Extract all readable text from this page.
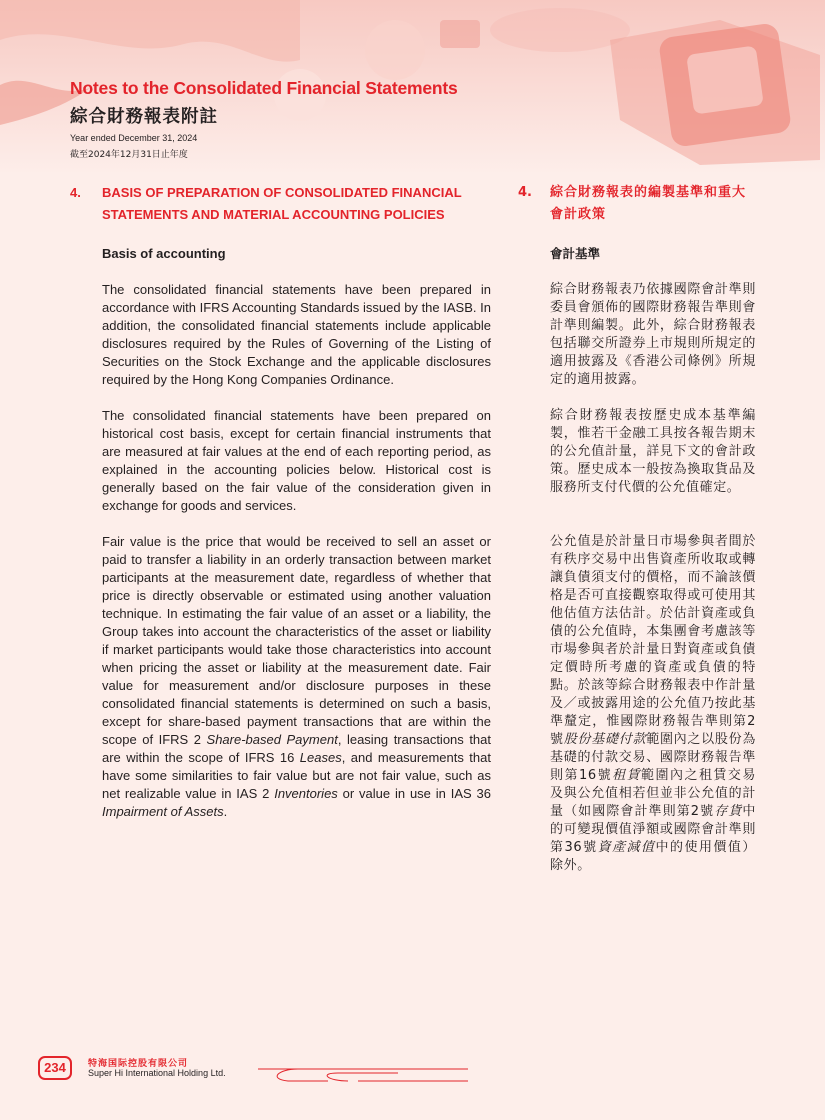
Notes to the Consolidated Financial Statements
綜合財務報表附註
Year ended December 31, 2024
截至2024年12月31日止年度
4.	BASIS OF PREPARATION OF CONSOLIDATED FINANCIAL STATEMENTS AND MATERIAL ACCOUNTING POLICIES
Basis of accounting
The consolidated financial statements have been prepared in accordance with IFRS Accounting Standards issued by the IASB. In addition, the consolidated financial statements include applicable disclosures required by the Rules of Governing of the Listing of Securities on the Stock Exchange and the applicable disclosures required by the Hong Kong Companies Ordinance.
The consolidated financial statements have been prepared on historical cost basis, except for certain financial instruments that are measured at fair values at the end of each reporting period, as explained in the accounting policies below. Historical cost is generally based on the fair value of the consideration given in exchange for goods and services.
Fair value is the price that would be received to sell an asset or paid to transfer a liability in an orderly transaction between market participants at the measurement date, regardless of whether that price is directly observable or estimated using another valuation technique. In estimating the fair value of an asset or a liability, the Group takes into account the characteristics of the asset or liability if market participants would take those characteristics into account when pricing the asset or liability at the measurement date. Fair value for measurement and/or disclosure purposes in these consolidated financial statements is determined on such a basis, except for share-based payment transactions that are within the scope of IFRS 2 Share-based Payment, leasing transactions that are within the scope of IFRS 16 Leases, and measurements that have some similarities to fair value but are not fair value, such as net realizable value in IAS 2 Inventories or value in use in IAS 36 Impairment of Assets.
4.	綜合財務報表的編製基準和重大會計政策
會計基準
綜合財務報表乃依據國際會計準則委員會頒佈的國際財務報告準則會計準則編製。此外，綜合財務報表包括聯交所證券上市規則所規定的適用披露及《香港公司條例》所規定的適用披露。
綜合財務報表按歷史成本基準編製，惟若干金融工具按各報告期末的公允值計量，詳見下文的會計政策。歷史成本一般按為換取貨品及服務所支付代價的公允值確定。
公允值是於計量日市場參與者間於有秩序交易中出售資產所收取或轉讓負債須支付的價格，而不論該價格是否可直接觀察取得或可使用其他估值方法估計。於估計資產或負債的公允值時，本集團會考慮該等市場參與者於計量日對資產或負債定價時所考慮的資產或負債的特點。於該等綜合財務報表中作計量及／或披露用途的公允值乃按此基準釐定，惟國際財務報告準則第2號股份基礎付款範圍內之以股份為基礎的付款交易、國際財務報告準則第16號租賃範圍內之租賃交易及與公允值相若但並非公允值的計量（如國際會計準則第2號存貨中的可變現價值淨額或國際會計準則第36號資產減值中的使用價值）除外。
234	特海国际控股有限公司
Super Hi International Holding Ltd.
